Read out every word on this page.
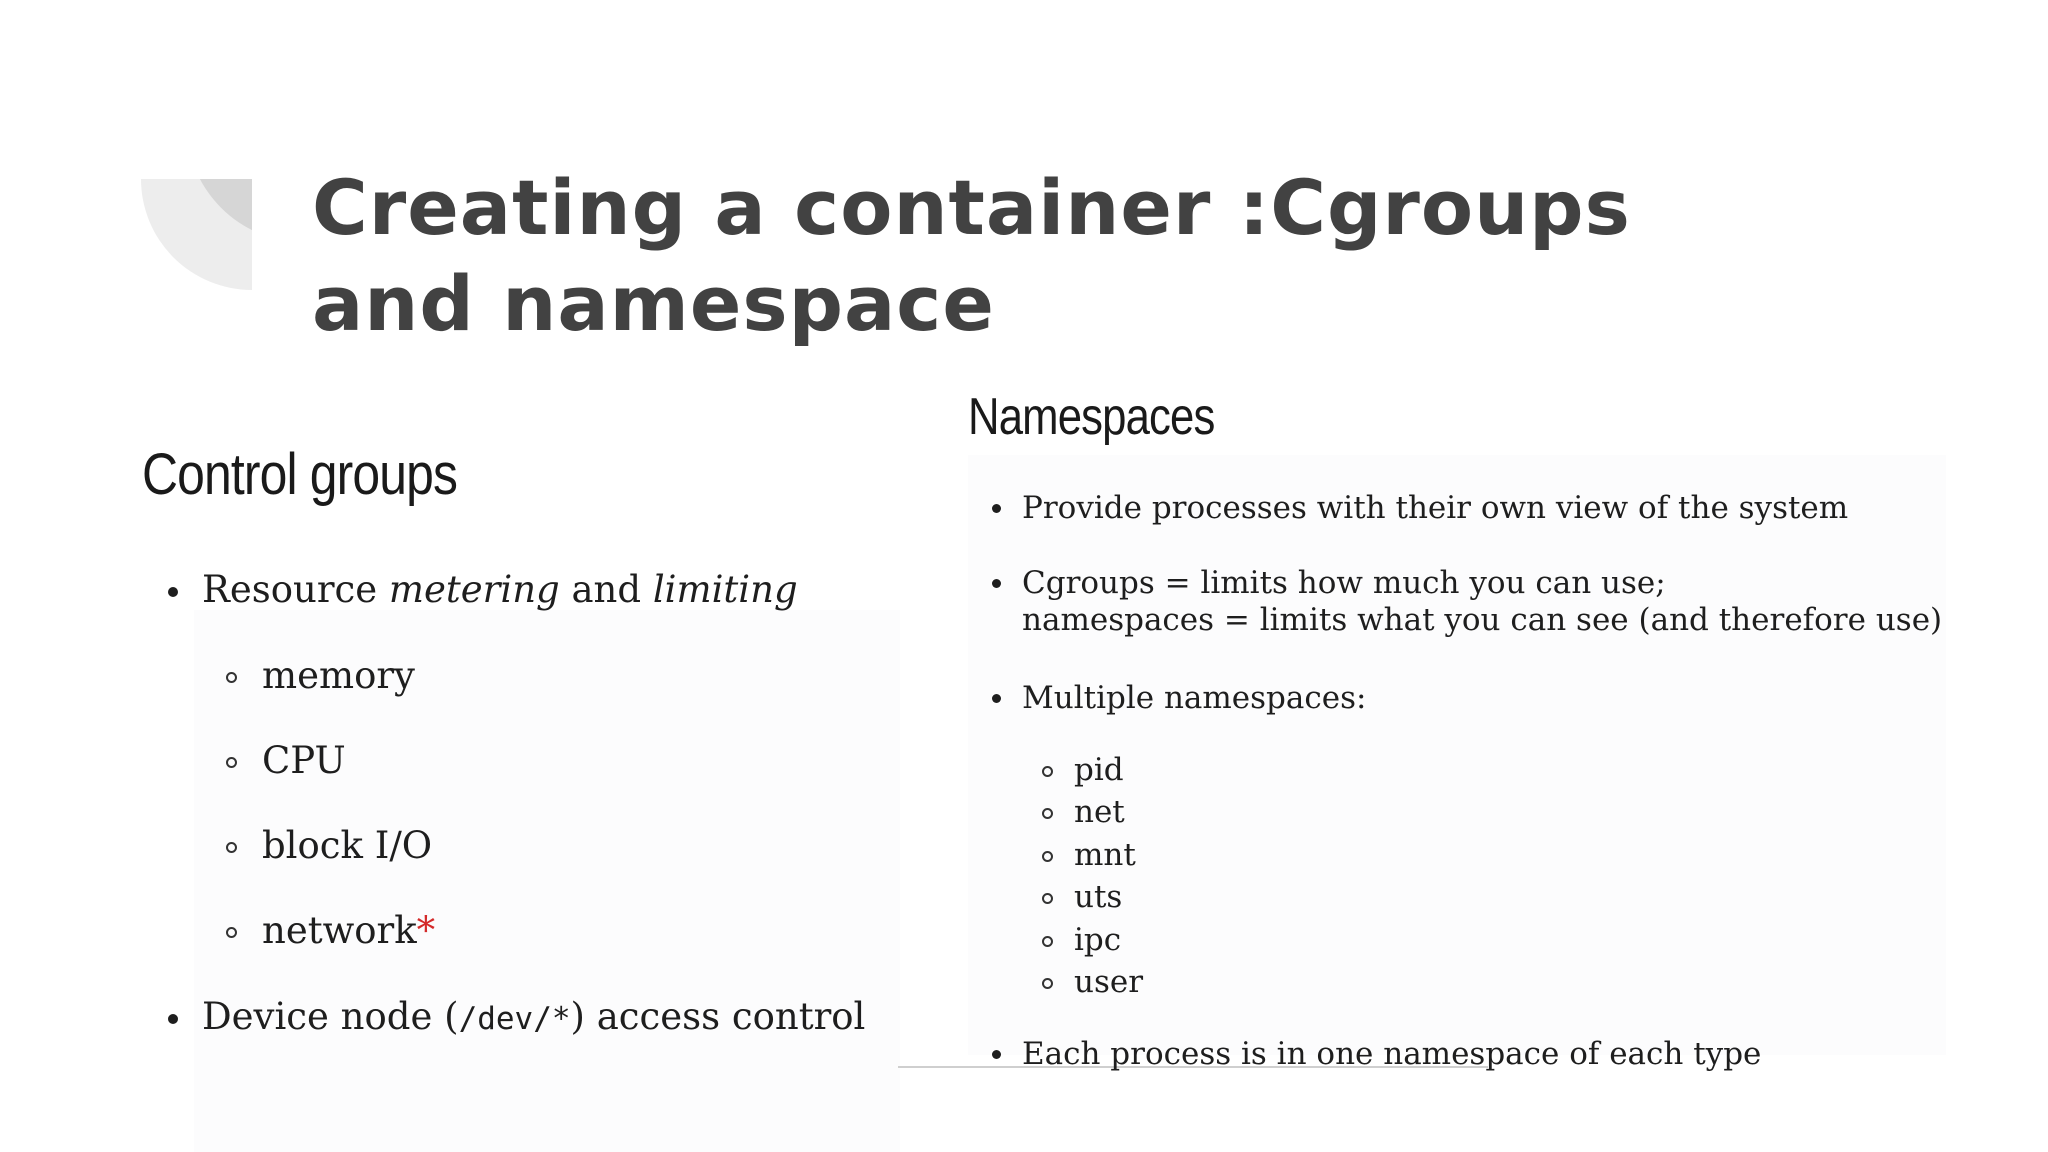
Creating a container :Cgroups and namespace
Control groups
Resource metering and limiting
memory
CPU
block I/O
network*
Device node (/dev/*) access control
Namespaces
Provide processes with their own view of the system
Cgroups = limits how much you can use;
namespaces = limits what you can see (and therefore use)
Multiple namespaces:
pid
net
mnt
uts
ipc
user
Each process is in one namespace of each type
